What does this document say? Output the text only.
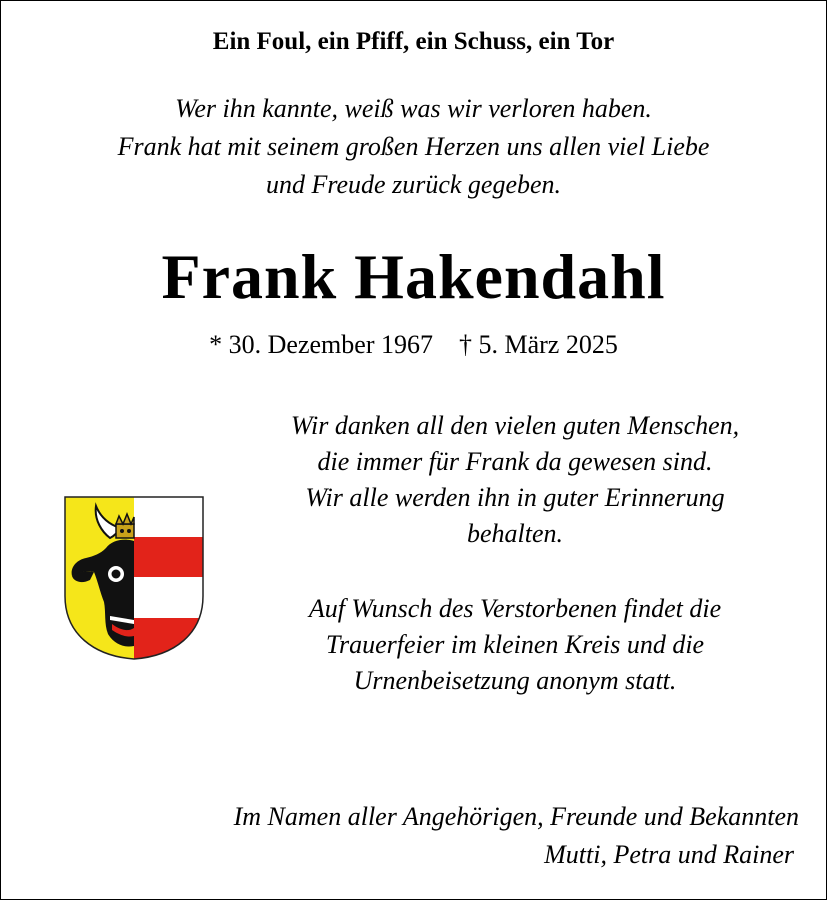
Ein Foul, ein Pfiff, ein Schuss, ein Tor
Wer ihn kannte, weiß was wir verloren haben.
Frank hat mit seinem großen Herzen uns allen viel Liebe
und Freude zurück gegeben.
Frank Hakendahl
* 30. Dezember 1967 † 5. März 2025
Wir danken all den vielen guten Menschen,
die immer für Frank da gewesen sind.
Wir alle werden ihn in guter Erinnerung
behalten.
Auf Wunsch des Verstorbenen findet die
Trauerfeier im kleinen Kreis und die
Urnenbeisetzung anonym statt.
Im Namen aller Angehörigen, Freunde und Bekannten
Mutti, Petra und Rainer
